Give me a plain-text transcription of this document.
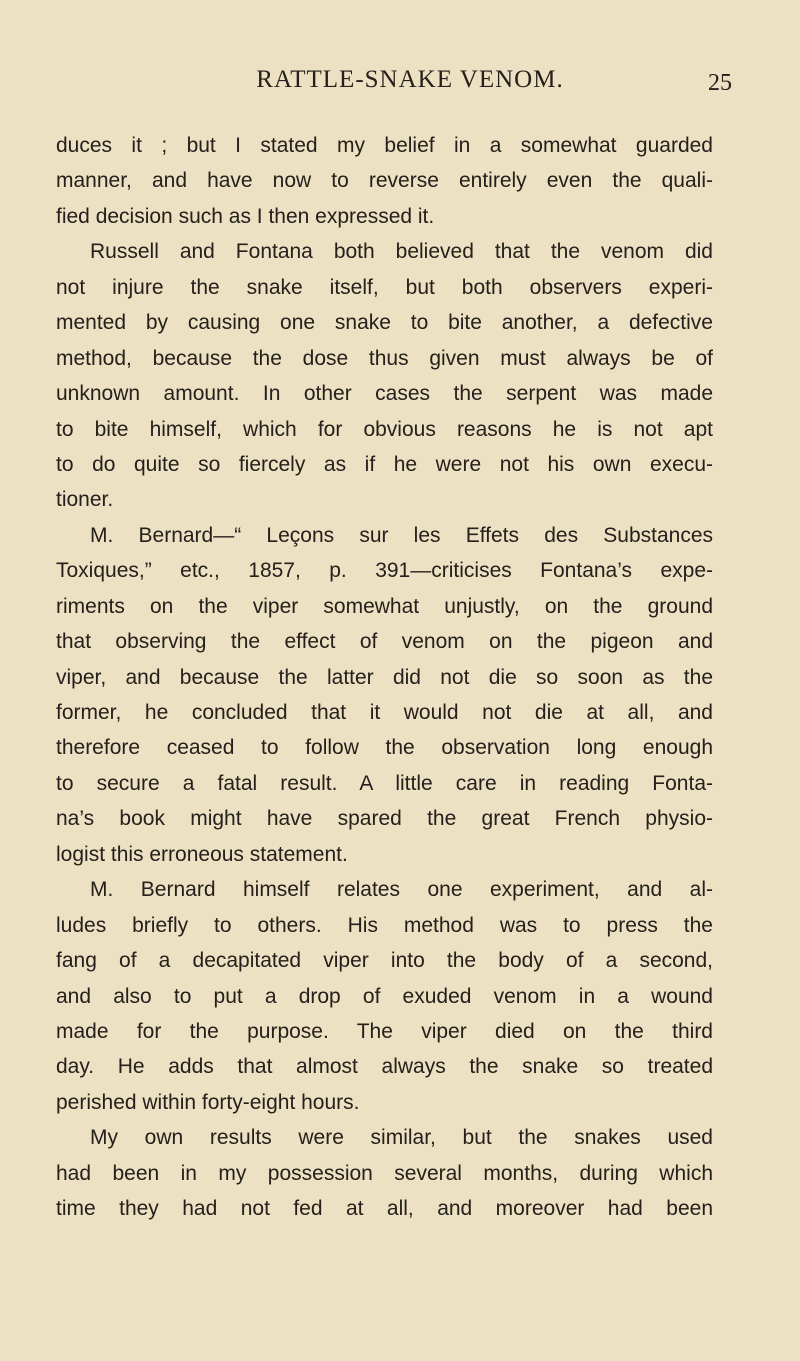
RATTLE-SNAKE VENOM.	25
duces it ; but I stated my belief in a somewhat guarded
manner, and have now to reverse entirely even the quali-
fied decision such as I then expressed it.
Russell and Fontana both believed that the venom did
not injure the snake itself, but both observers experi-
mented by causing one snake to bite another, a defective
method, because the dose thus given must always be of
unknown amount. In other cases the serpent was made
to bite himself, which for obvious reasons he is not apt
to do quite so fiercely as if he were not his own execu-
tioner.
M. Bernard—“ Leçons sur les Effets des Substances
Toxiques,” etc., 1857, p. 391—criticises Fontana’s expe-
riments on the viper somewhat unjustly, on the ground
that observing the effect of venom on the pigeon and
viper, and because the latter did not die so soon as the
former, he concluded that it would not die at all, and
therefore ceased to follow the observation long enough
to secure a fatal result. A little care in reading Fonta-
na’s book might have spared the great French physio-
logist this erroneous statement.
M. Bernard himself relates one experiment, and al-
ludes briefly to others. His method was to press the
fang of a decapitated viper into the body of a second,
and also to put a drop of exuded venom in a wound
made for the purpose. The viper died on the third
day. He adds that almost always the snake so treated
perished within forty-eight hours.
My own results were similar, but the snakes used
had been in my possession several months, during which
time they had not fed at all, and moreover had been
